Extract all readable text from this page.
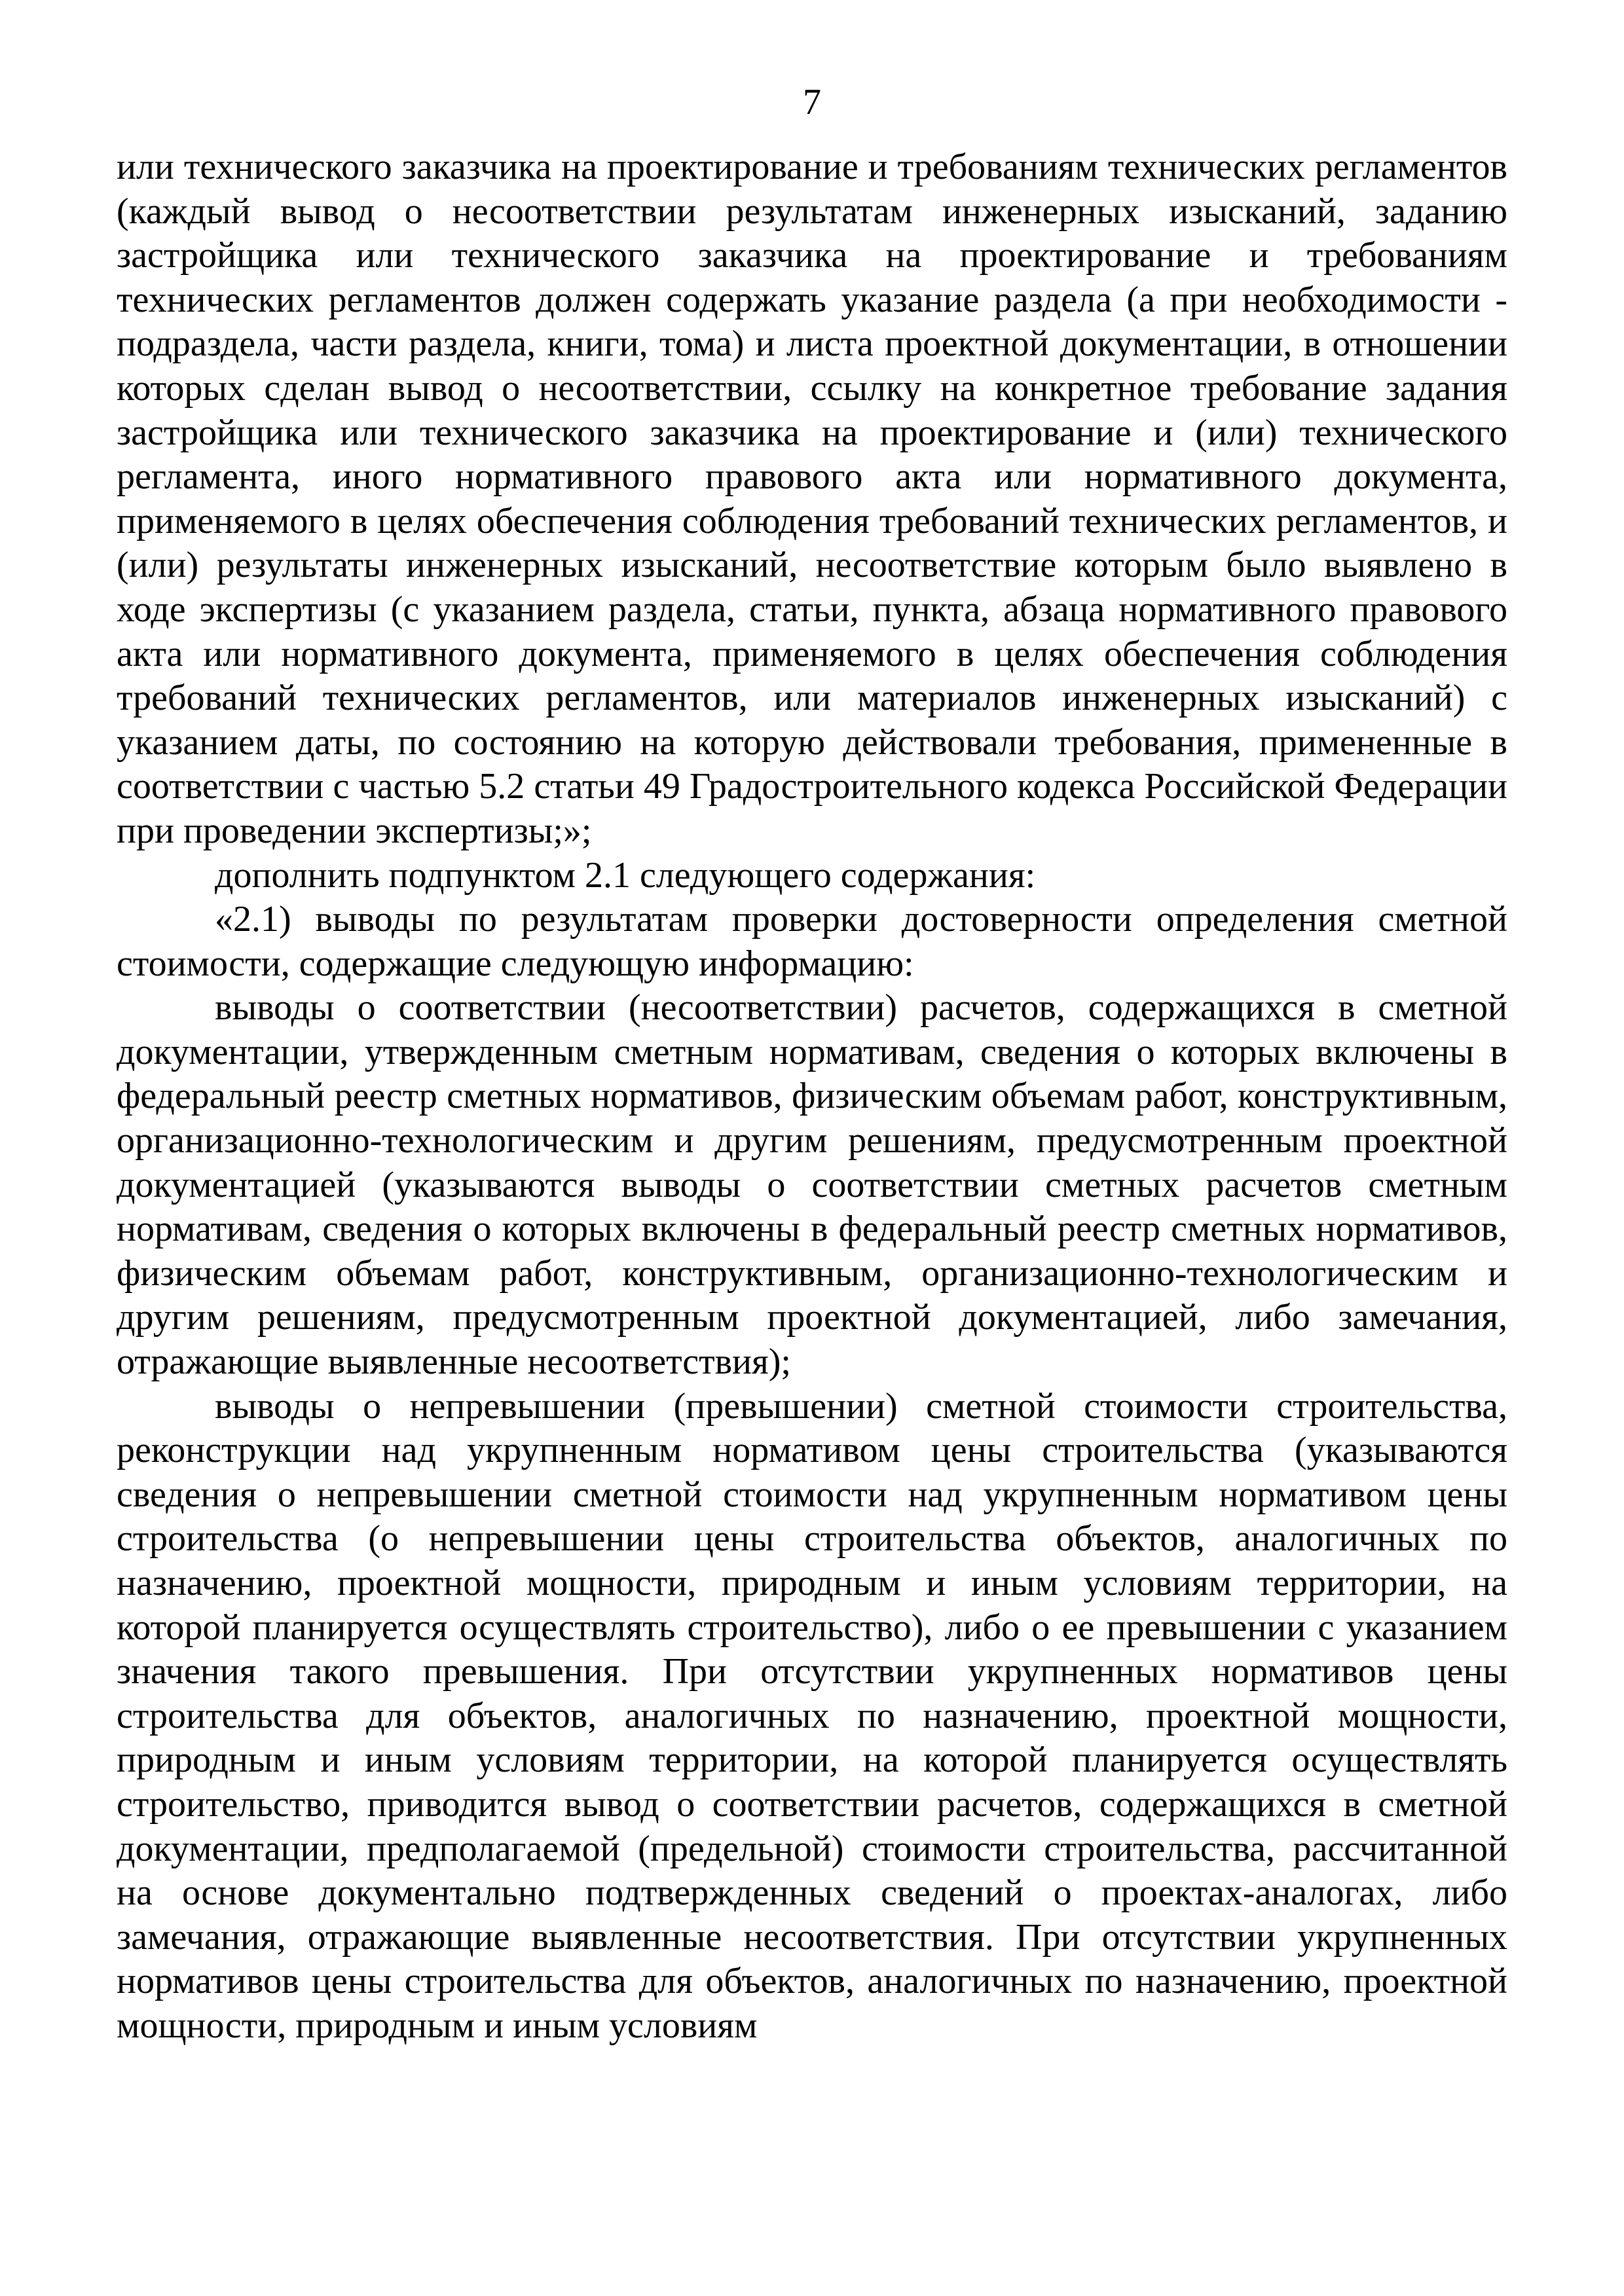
7

или технического заказчика на проектирование и требованиям технических регламентов (каждый вывод о несоответствии результатам инженерных изысканий, заданию застройщика или технического заказчика на проектирование и требованиям технических регламентов должен содержать указание раздела (а при необходимости - подраздела, части раздела, книги, тома) и листа проектной документации, в отношении которых сделан вывод о несоответствии, ссылку на конкретное требование задания застройщика или технического заказчика на проектирование и (или) технического регламента, иного нормативного правового акта или нормативного документа, применяемого в целях обеспечения соблюдения требований технических регламентов, и (или) результаты инженерных изысканий, несоответствие которым было выявлено в ходе экспертизы (с указанием раздела, статьи, пункта, абзаца нормативного правового акта или нормативного документа, применяемого в целях обеспечения соблюдения требований технических регламентов, или материалов инженерных изысканий) с указанием даты, по состоянию на которую действовали требования, примененные в соответствии с частью 5.2 статьи 49 Градостроительного кодекса Российской Федерации при проведении экспертизы;»;

дополнить подпунктом 2.1 следующего содержания:

«2.1) выводы по результатам проверки достоверности определения сметной стоимости, содержащие следующую информацию:

выводы о соответствии (несоответствии) расчетов, содержащихся в сметной документации, утвержденным сметным нормативам, сведения о которых включены в федеральный реестр сметных нормативов, физическим объемам работ, конструктивным, организационно-технологическим и другим решениям, предусмотренным проектной документацией (указываются выводы о соответствии сметных расчетов сметным нормативам, сведения о которых включены в федеральный реестр сметных нормативов, физическим объемам работ, конструктивным, организационно-технологическим и другим решениям, предусмотренным проектной документацией, либо замечания, отражающие выявленные несоответствия);

выводы о непревышении (превышении) сметной стоимости строительства, реконструкции над укрупненным нормативом цены строительства (указываются сведения о непревышении сметной стоимости над укрупненным нормативом цены строительства (о непревышении цены строительства объектов, аналогичных по назначению, проектной мощности, природным и иным условиям территории, на которой планируется осуществлять строительство), либо о ее превышении с указанием значения такого превышения. При отсутствии укрупненных нормативов цены строительства для объектов, аналогичных по назначению, проектной мощности, природным и иным условиям территории, на которой планируется осуществлять строительство, приводится вывод о соответствии расчетов, содержащихся в сметной документации, предполагаемой (предельной) стоимости строительства, рассчитанной на основе документально подтвержденных сведений о проектах-аналогах, либо замечания, отражающие выявленные несоответствия. При отсутствии укрупненных нормативов цены строительства для объектов, аналогичных по назначению, проектной мощности, природным и иным условиям
